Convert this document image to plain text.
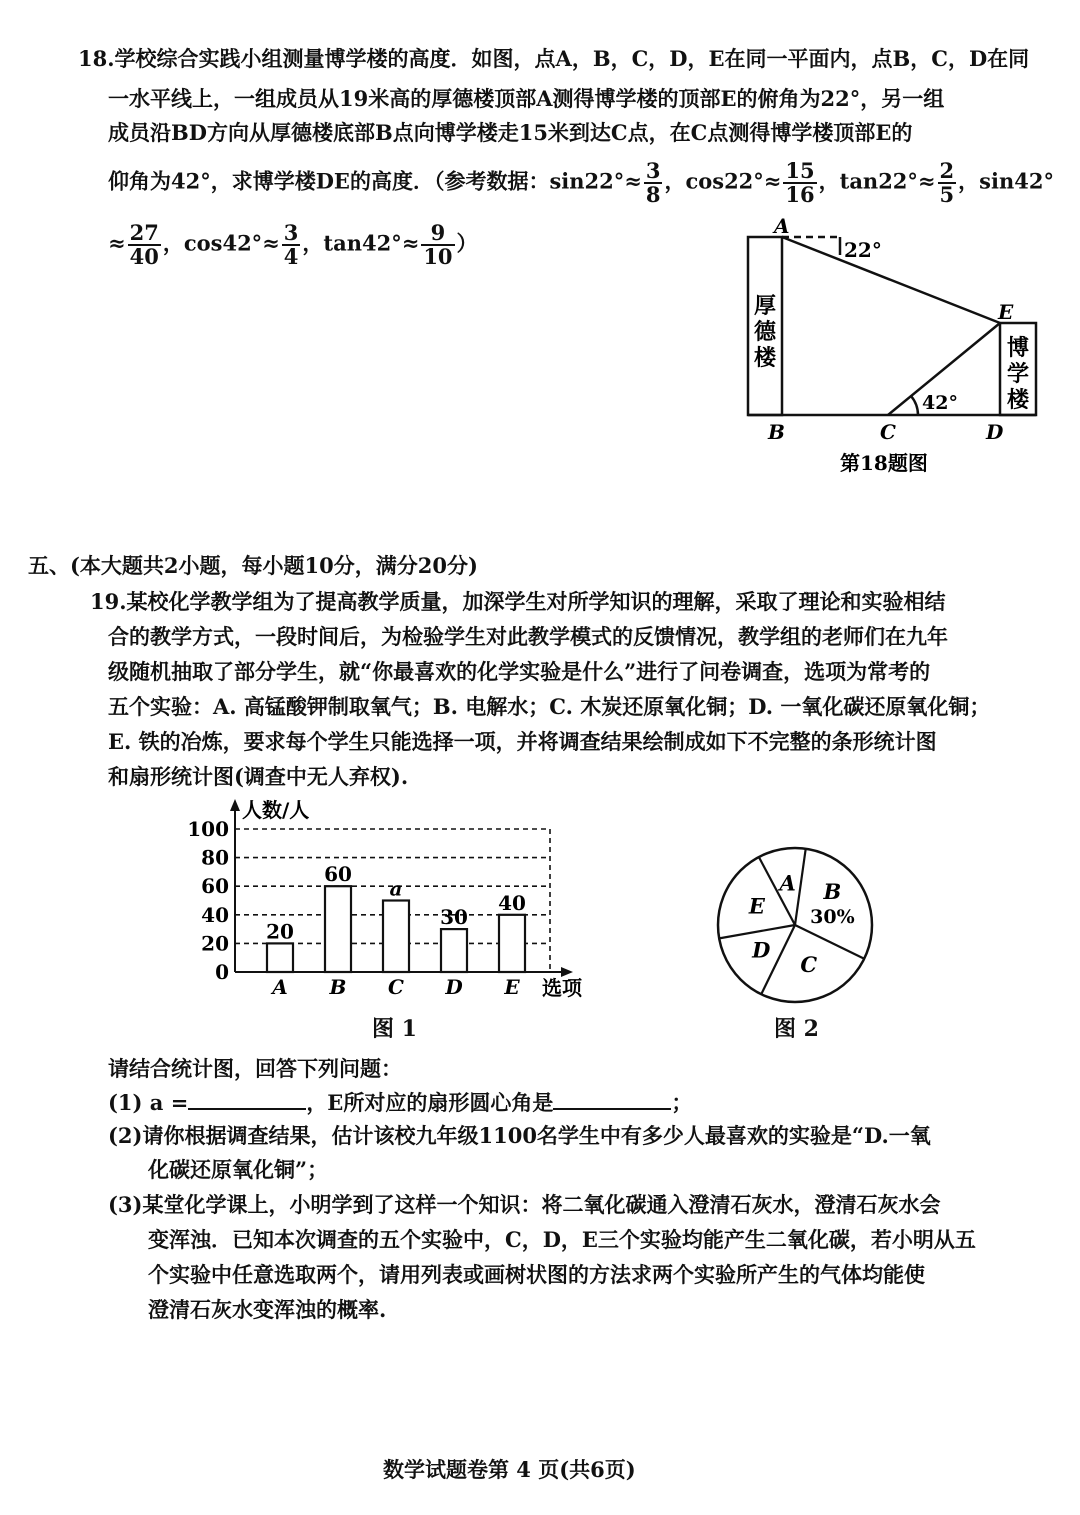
18.学校综合实践小组测量博学楼的高度．如图，点A，B，C，D，E在同一平面内，点B，C，D在同
一水平线上，一组成员从19米高的厚德楼顶部A测得博学楼的顶部E的俯角为22°，另一组
成员沿BD方向从厚德楼底部B点向博学楼走15米到达C点，在C点测得博学楼顶部E的
仰角为42°，求博学楼DE的高度．（参考数据：$\sin 22^\circ\approx \frac{3}{8}$ ，$\cos 22^\circ\approx \frac{15}{16}$ ，$\tan 22^\circ\approx \frac{2}{5}$ ，sin42°
≈ $\frac{27}{40}$ ，$\cos 42^\circ\approx \frac{3}{4}$ ，$\tan 42^\circ\approx \frac{9}{10}$ ）
A
B	C	D
E
22°
42°
厚
德
楼	博
学
楼
第18题图
五、(本大题共2小题，每小题10分，满分20分)
19.某校化学教学组为了提高教学质量，加深学生对所学知识的理解，采取了理论和实验相结
合的教学方式，一段时间后，为检验学生对此教学模式的反馈情况，教学组的老师们在九年
级随机抽取了部分学生，就“你最喜欢的化学实验是什么”进行了问卷调查，选项为常考的
五个实验：A. 高锰酸钾制取氧气；B. 电解水；C. 木炭还原氧化铜；D. 一氧化碳还原氧化铜；
E. 铁的冶炼，要求每个学生只能选择一项，并将调查结果绘制成如下不完整的条形统计图
和扇形统计图(调查中无人弃权).
0
20
40
60
80
100
20
A
60
B
a
C
30
D
40
E
人数/人
选项
图 1
B
30%
C
D
E
A
图 2
请结合统计图，回答下列问题：
(1) a =	，E所对应的扇形圆心角是	；
(2)请你根据调查结果，估计该校九年级1100名学生中有多少人最喜欢的实验是“D.一氧
化碳还原氧化铜”；
(3)某堂化学课上，小明学到了这样一个知识：将二氧化碳通入澄清石灰水，澄清石灰水会
变浑浊．已知本次调查的五个实验中，C，D，E三个实验均能产生二氧化碳，若小明从五
个实验中任意选取两个，请用列表或画树状图的方法求两个实验所产生的气体均能使
澄清石灰水变浑浊的概率.
数学试题卷第 4 页(共6页)
